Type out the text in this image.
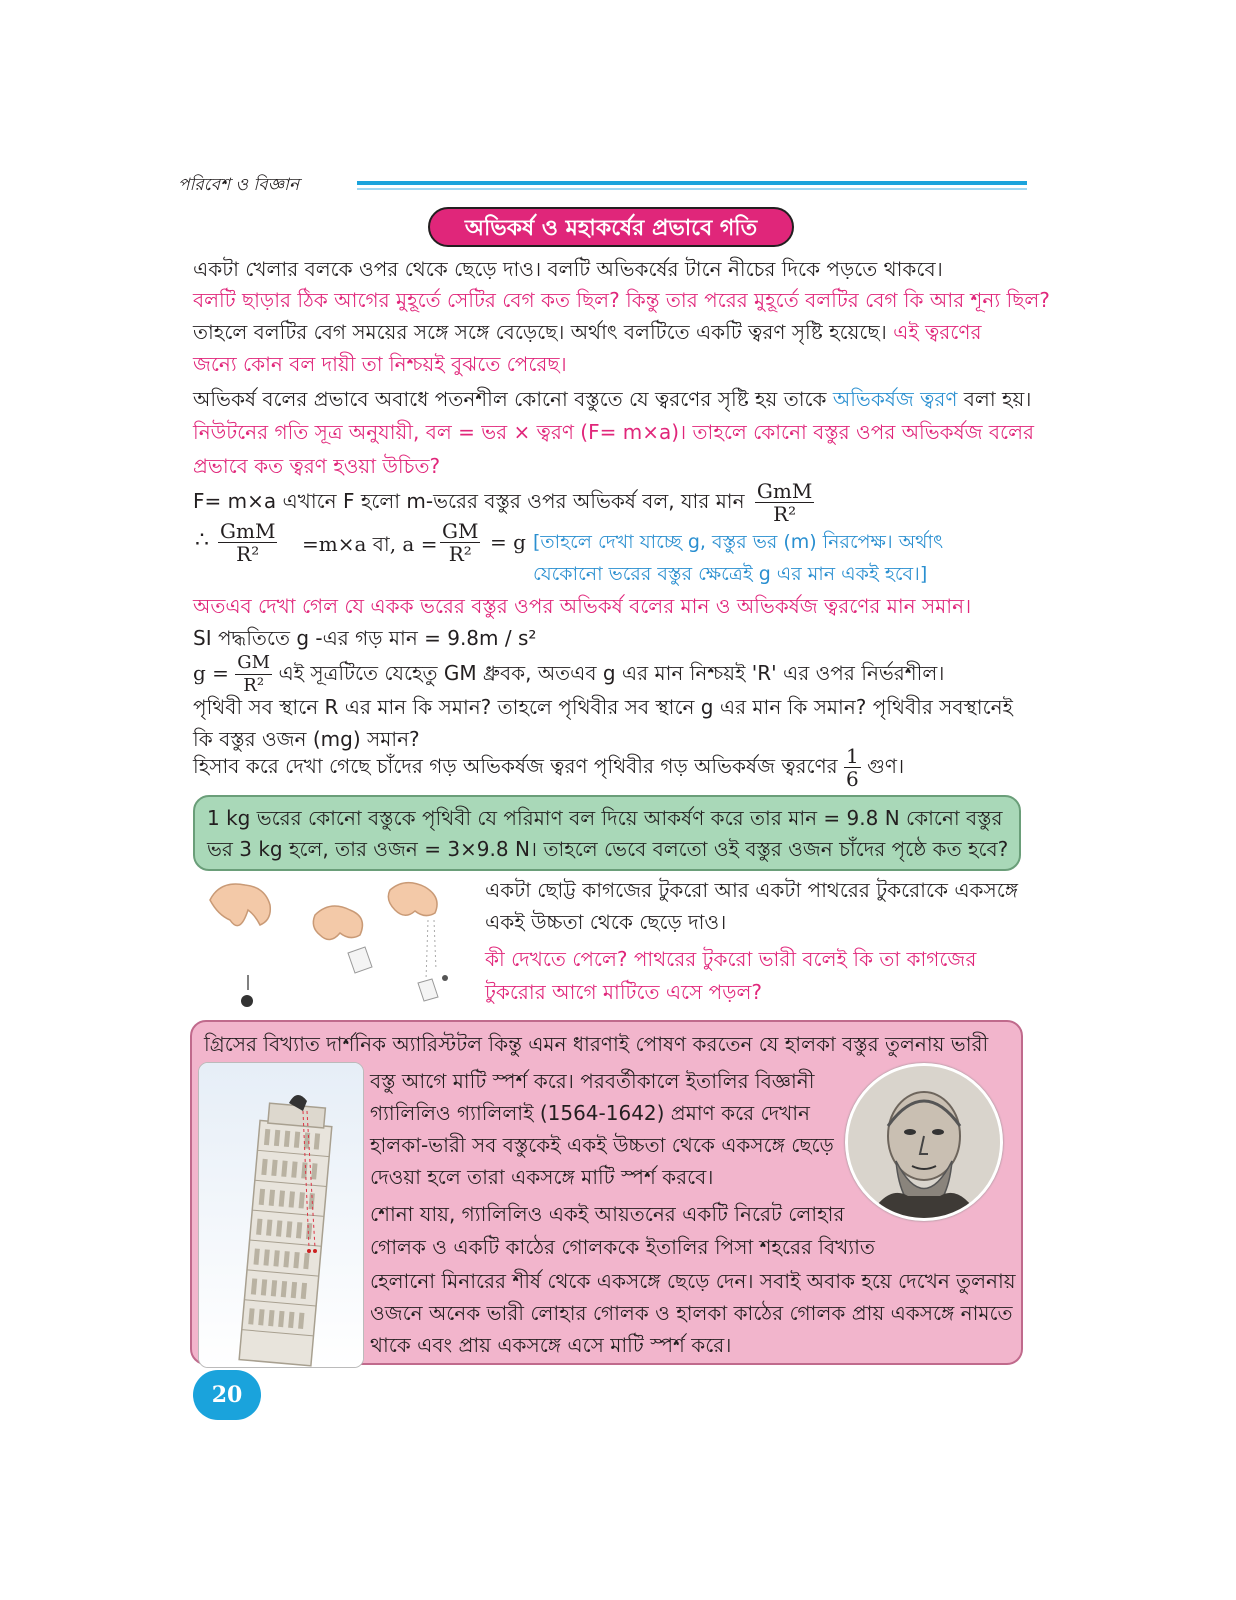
পরিবেশ ও বিজ্ঞান
অভিকর্ষ ও মহাকর্ষের প্রভাবে গতি
একটা খেলার বলকে ওপর থেকে ছেড়ে দাও। বলটি অভিকর্ষের টানে নীচের দিকে পড়তে থাকবে।
বলটি ছাড়ার ঠিক আগের মুহূর্তে সেটির বেগ কত ছিল? কিন্তু তার পরের মুহূর্তে বলটির বেগ কি আর শূন্য ছিল?
তাহলে বলটির বেগ সময়ের সঙ্গে সঙ্গে বেড়েছে। অর্থাৎ বলটিতে একটি ত্বরণ সৃষ্টি হয়েছে। এই ত্বরণের
জন্যে কোন বল দায়ী তা নিশ্চয়ই বুঝতে পেরেছ।
অভিকর্ষ বলের প্রভাবে অবাধে পতনশীল কোনো বস্তুতে যে ত্বরণের সৃষ্টি হয় তাকে অভিকর্ষজ ত্বরণ বলা হয়।
নিউটনের গতি সূত্র অনুযায়ী, বল = ভর × ত্বরণ (F= m×a)। তাহলে কোনো বস্তুর ওপর অভিকর্ষজ বলের
প্রভাবে কত ত্বরণ হওয়া উচিত?
F= m×a এখানে F হলো m-ভরের বস্তুর ওপর অভিকর্ষ বল, যার মান $\frac{\text{GmM}}{\text{R²}}$
∴ GmM
R²	=m×a বা, $a = \frac{GM}{\text{R²}} = g$ [তাহলে দেখা যাচ্ছে g, বস্তুর ভর (m) নিরপেক্ষ। অর্থাৎ
যেকোনো ভরের বস্তুর ক্ষেত্রেই g এর মান একই হবে।]
অতএব দেখা গেল যে একক ভরের বস্তুর ওপর অভিকর্ষ বলের মান ও অভিকর্ষজ ত্বরণের মান সমান।
SI পদ্ধতিতে g -এর গড় মান = 9.8m / s²
$g = \frac{GM}{\text{R²}}$ এই সূত্রটিতে যেহেতু GM ধ্রুবক, অতএব g এর মান নিশ্চয়ই 'R' এর ওপর নির্ভরশীল।
পৃথিবী সব স্থানে R এর মান কি সমান? তাহলে পৃথিবীর সব স্থানে g এর মান কি সমান? পৃথিবীর সবস্থানেই
কি বস্তুর ওজন (mg) সমান?
হিসাব করে দেখা গেছে চাঁদের গড় অভিকর্ষজ ত্বরণ পৃথিবীর গড় অভিকর্ষজ ত্বরণের $\frac{1}{6}$ গুণ।
1 kg ভরের কোনো বস্তুকে পৃথিবী যে পরিমাণ বল দিয়ে আকর্ষণ করে তার মান = 9.8 N কোনো বস্তুর
ভর 3 kg হলে, তার ওজন = 3×9.8 N। তাহলে ভেবে বলতো ওই বস্তুর ওজন চাঁদের পৃষ্ঠে কত হবে?
একটা ছোট্ট কাগজের টুকরো আর একটা পাথরের টুকরোকে একসঙ্গে
একই উচ্চতা থেকে ছেড়ে দাও।
কী দেখতে পেলে? পাথরের টুকরো ভারী বলেই কি তা কাগজের
টুকরোর আগে মাটিতে এসে পড়ল?
গ্রিসের বিখ্যাত দার্শনিক অ্যারিস্টটল কিন্তু এমন ধারণাই পোষণ করতেন যে হালকা বস্তুর তুলনায় ভারী
বস্তু আগে মাটি স্পর্শ করে। পরবর্তীকালে ইতালির বিজ্ঞানী
গ্যালিলিও গ্যালিলাই (1564-1642) প্রমাণ করে দেখান
হালকা-ভারী সব বস্তুকেই একই উচ্চতা থেকে একসঙ্গে ছেড়ে
দেওয়া হলে তারা একসঙ্গে মাটি স্পর্শ করবে।
শোনা যায়, গ্যালিলিও একই আয়তনের একটি নিরেট লোহার
গোলক ও একটি কাঠের গোলককে ইতালির পিসা শহরের বিখ্যাত
হেলানো মিনারের শীর্ষ থেকে একসঙ্গে ছেড়ে দেন। সবাই অবাক হয়ে দেখেন তুলনায়
ওজনে অনেক ভারী লোহার গোলক ও হালকা কাঠের গোলক প্রায় একসঙ্গে নামতে
থাকে এবং প্রায় একসঙ্গে এসে মাটি স্পর্শ করে।
20
